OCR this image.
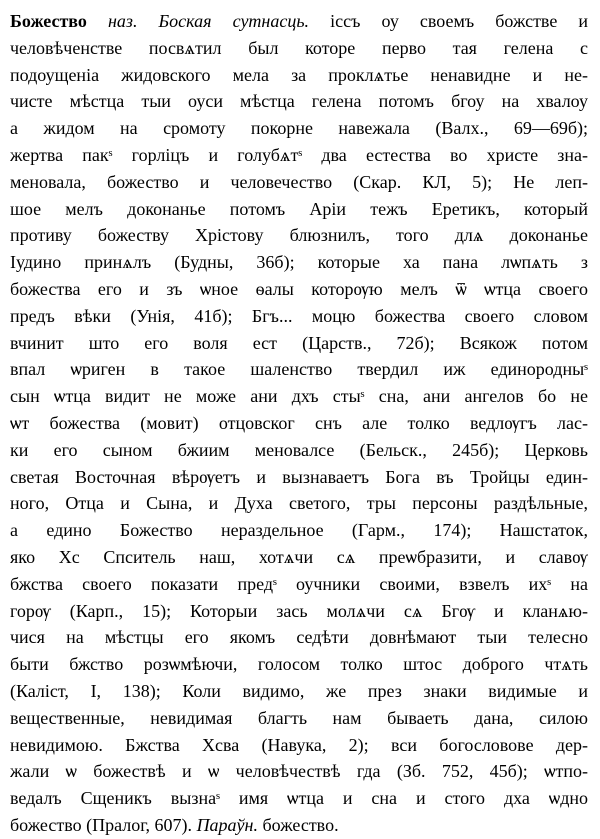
Божество наз. Боская сутнасць. іссъ оу своемъ божстве и
человѣченстве посвѧтил был которе перво тая гелена с
подоущеніа жидовского мела за проклѧтье ненавидне и не-
чисте мѣстца тыи оуси мѣстца гелена потомъ бгоу на хвалоу
а жидом на сромоту покорне навежала (Валх., 69—69б);
жертва пакˢ горліцъ и голубѧтˢ два естества во христе зна-
меновала, божество и человечество (Скар. КЛ, 5); Не леп-
шое мелъ доконанье потомъ Аріи тежъ Еретикъ, который
противу божеству Хрістову блюзнилъ, того длѧ доконанье
Іудино принѧлъ (Будны, 36б); которые ха пана лѡпѧть з
божества его и зъ ѡное ѳалы которѹю мелъ ѿ ѡтца своего
предъ вѣки (Унія, 41б); Бгъ... моцю божества своего словом
вчинит што его воля ест (Царств., 72б); Всякож потом
впал ѡриген в такое шаленство твердил иж единородныˢ
сын ѡтца видит не може ани дхъ стыˢ сна, ани ангелов бо не
ѡт божества (мовит) отцовског снъ але толко ведлѹгъ лас-
ки его сыном бжиим меновалсе (Бельск., 245б); Церковь
светая Восточная вѣрѹетъ и вызнаваетъ Бога въ Тройцы един-
ного, Отца и Сына, и Духа светого, тры персоны раздѣльные,
а едино Божество нераздельное (Гарм., 174); Нашстаток,
яко Хс Спситель наш, хотѧчи сѧ преѡбразити, и славѹ
бжства своего показати предˢ оучники своими, взвелъ ихˢ на
горѹ (Карп., 15); Которыи зась молѧчи сѧ Бгѹ и кланѧю-
чися на мѣстцы его якомъ седѣти довнѣмают тыи телесно
быти бжство розѡмѣючи, голосом толко штос доброго чтѧть
(Каліст, I, 138); Коли видимо, же през знаки видимые и
вещественные, невидимая благть нам бываеть дана, силою
невидимою. Бжства Хсва (Навука, 2); вси богословове дер-
жали ѡ божествѣ и ѡ человѣчествѣ гда (Зб. 752, 45б); ѡтпо-
ведалъ Сщеникъ вызнаˢ имя ѡтца и сна и стого дха ѡдно
божество (Пралог, 607). Параўн. божество.
